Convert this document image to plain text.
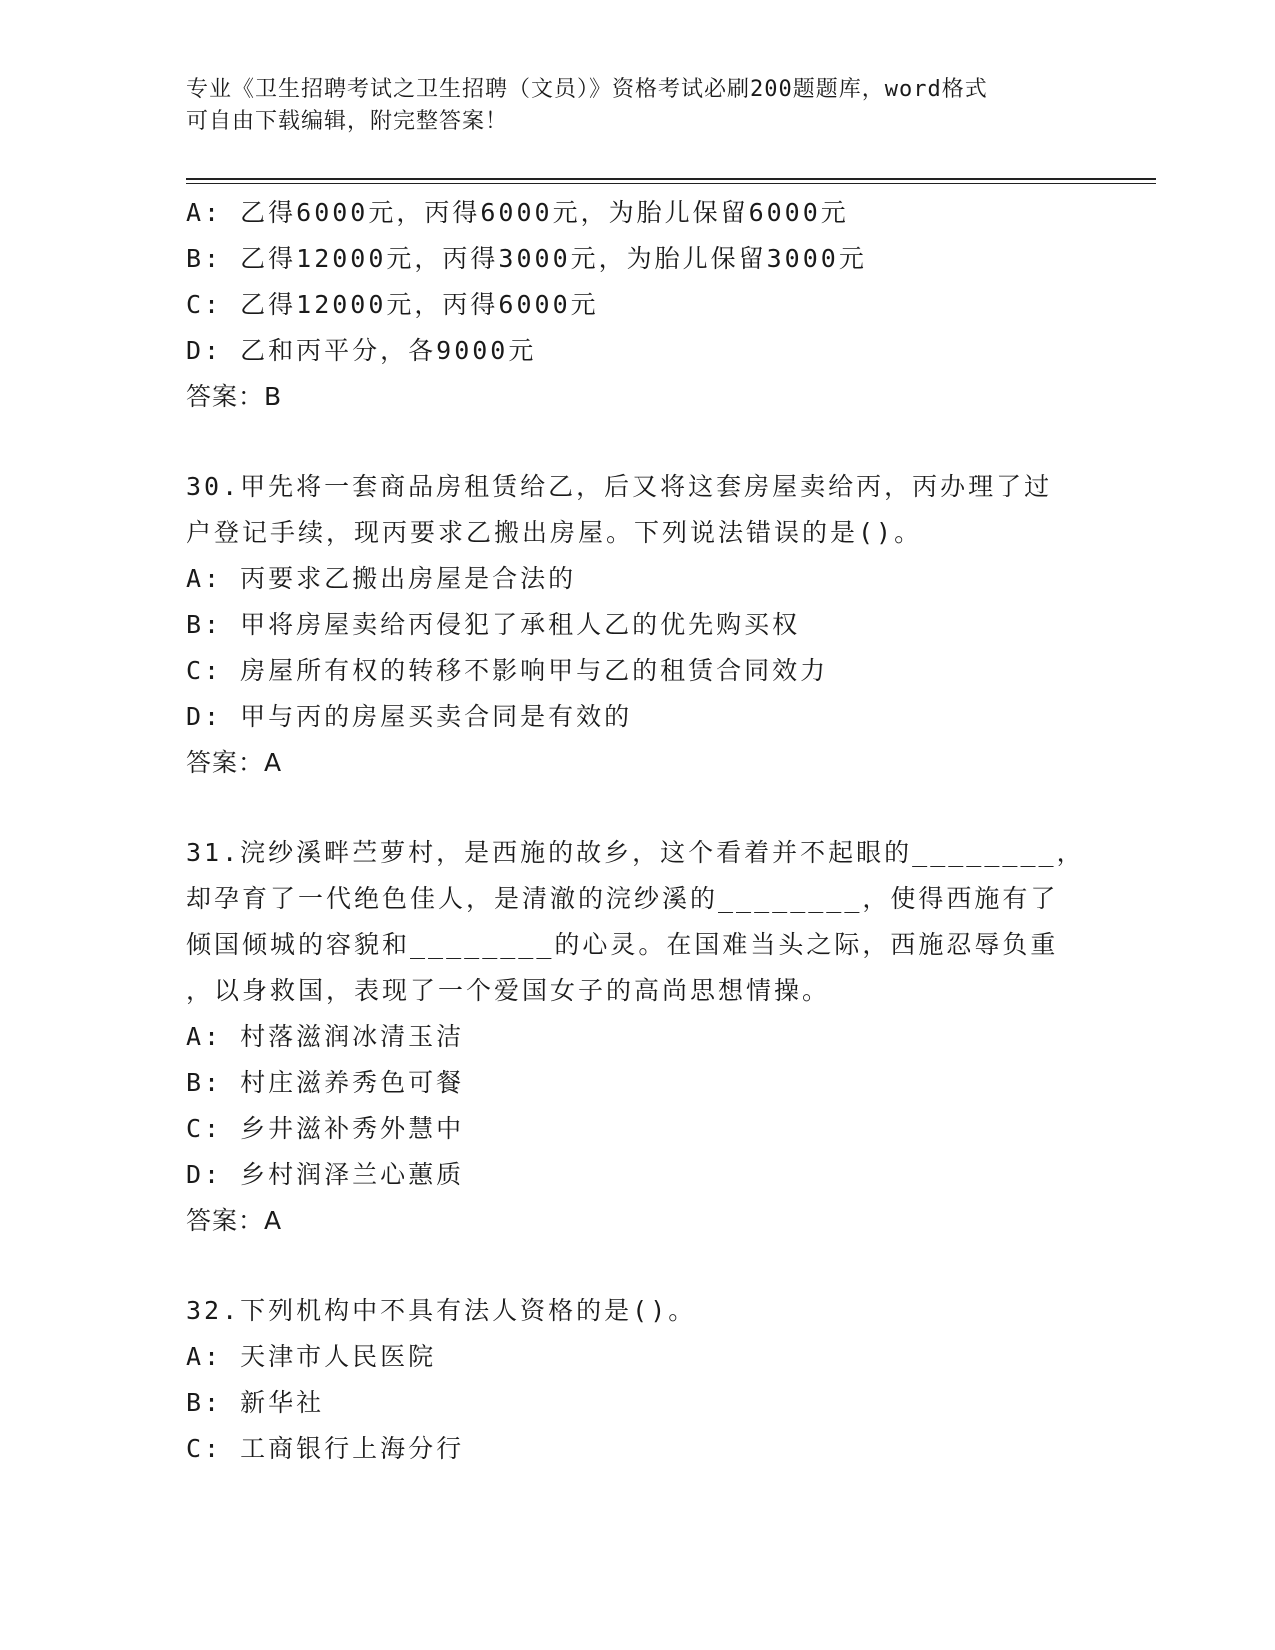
专业《卫生招聘考试之卫生招聘（文员）》资格考试必刷200题题库，word格式
可自由下载编辑，附完整答案！
A: 乙得6000元，丙得6000元，为胎儿保留6000元
B: 乙得12000元，丙得3000元，为胎儿保留3000元
C: 乙得12000元，丙得6000元
D: 乙和丙平分，各9000元
答案：B
30.甲先将一套商品房租赁给乙，后又将这套房屋卖给丙，丙办理了过
户登记手续，现丙要求乙搬出房屋。下列说法错误的是()。
A: 丙要求乙搬出房屋是合法的
B: 甲将房屋卖给丙侵犯了承租人乙的优先购买权
C: 房屋所有权的转移不影响甲与乙的租赁合同效力
D: 甲与丙的房屋买卖合同是有效的
答案：A
31.浣纱溪畔苎萝村，是西施的故乡，这个看着并不起眼的________，
却孕育了一代绝色佳人，是清澈的浣纱溪的________，使得西施有了
倾国倾城的容貌和________的心灵。在国难当头之际，西施忍辱负重
，以身救国，表现了一个爱国女子的高尚思想情操。
A: 村落滋润冰清玉洁
B: 村庄滋养秀色可餐
C: 乡井滋补秀外慧中
D: 乡村润泽兰心蕙质
答案：A
32.下列机构中不具有法人资格的是()。
A: 天津市人民医院
B: 新华社
C: 工商银行上海分行
